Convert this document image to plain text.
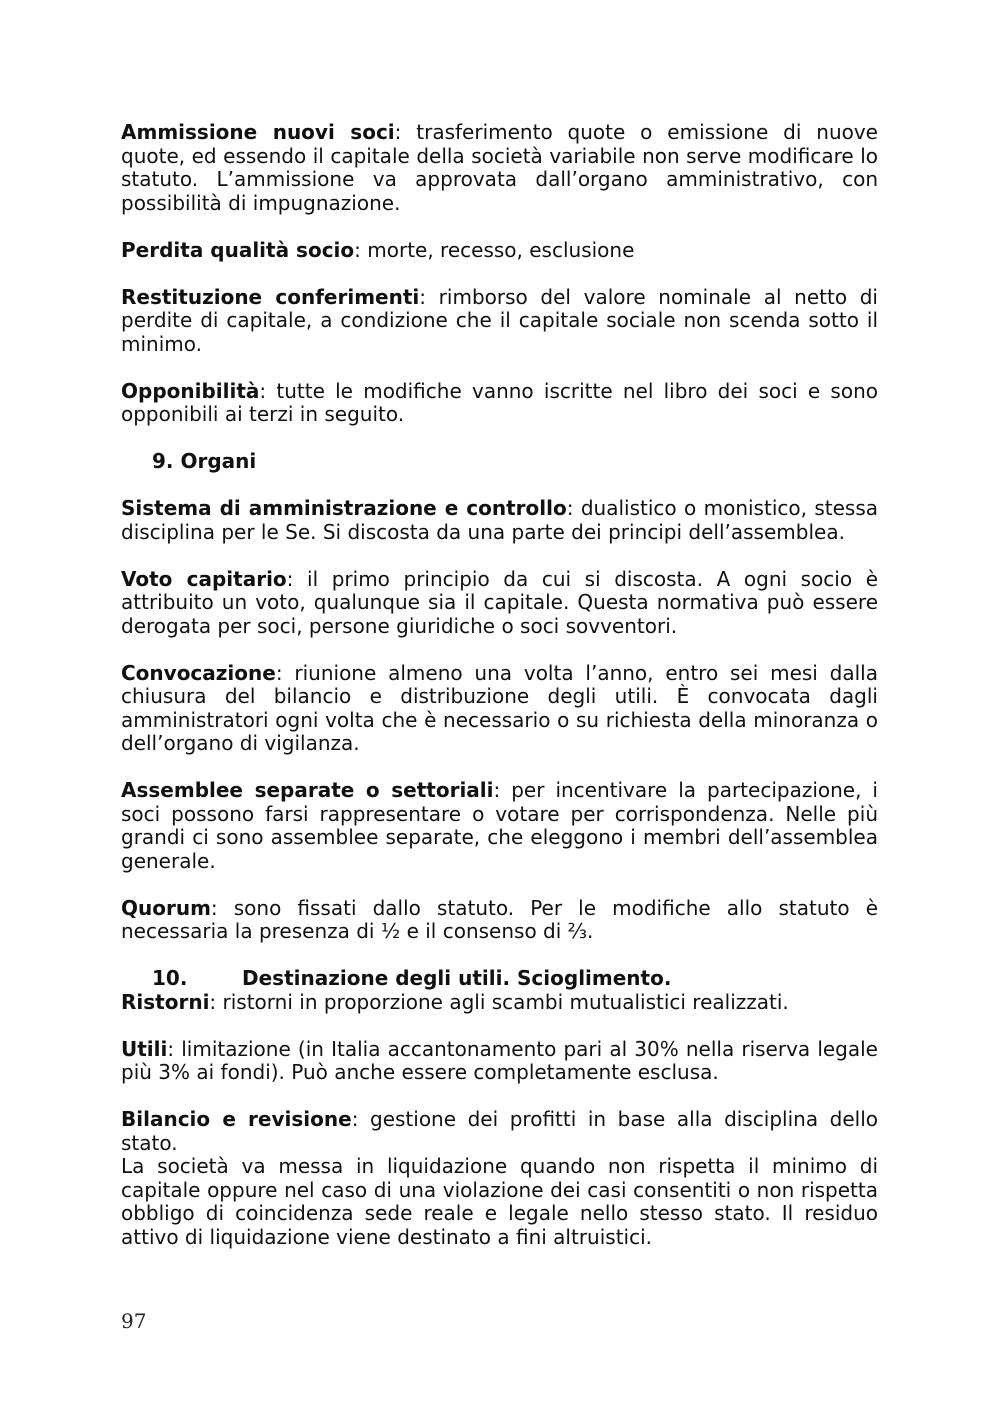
Ammissione nuovi soci: trasferimento quote o emissione di nuove quote, ed essendo il capitale della società variabile non serve modificare lo statuto. L’ammissione va approvata dall’organo amministrativo, con possibilità di impugnazione.

Perdita qualità socio: morte, recesso, esclusione

Restituzione conferimenti: rimborso del valore nominale al netto di perdite di capitale, a condizione che il capitale sociale non scenda sotto il minimo.

Opponibilità: tutte le modifiche vanno iscritte nel libro dei soci e sono opponibili ai terzi in seguito.

9. Organi

Sistema di amministrazione e controllo: dualistico o monistico, stessa disciplina per le Se. Si discosta da una parte dei principi dell’assemblea.

Voto capitario: il primo principio da cui si discosta. A ogni socio è attribuito un voto, qualunque sia il capitale. Questa normativa può essere derogata per soci, persone giuridiche o soci sovventori.

Convocazione: riunione almeno una volta l’anno, entro sei mesi dalla chiusura del bilancio e distribuzione degli utili. È convocata dagli amministratori ogni volta che è necessario o su richiesta della minoranza o dell’organo di vigilanza.

Assemblee separate o settoriali: per incentivare la partecipazione, i soci possono farsi rappresentare o votare per corrispondenza. Nelle più grandi ci sono assemblee separate, che eleggono i membri dell’assemblea generale.

Quorum: sono fissati dallo statuto. Per le modifiche allo statuto è necessaria la presenza di ½ e il consenso di ⅔.

10.	Destinazione degli utili. Scioglimento.

Ristorni: ristorni in proporzione agli scambi mutualistici realizzati.

Utili: limitazione (in Italia accantonamento pari al 30% nella riserva legale più 3% ai fondi). Può anche essere completamente esclusa.

Bilancio e revisione: gestione dei profitti in base alla disciplina dello stato.

La società va messa in liquidazione quando non rispetta il minimo di capitale oppure nel caso di una violazione dei casi consentiti o non rispetta obbligo di coincidenza sede reale e legale nello stesso stato. Il residuo attivo di liquidazione viene destinato a fini altruistici.

97
